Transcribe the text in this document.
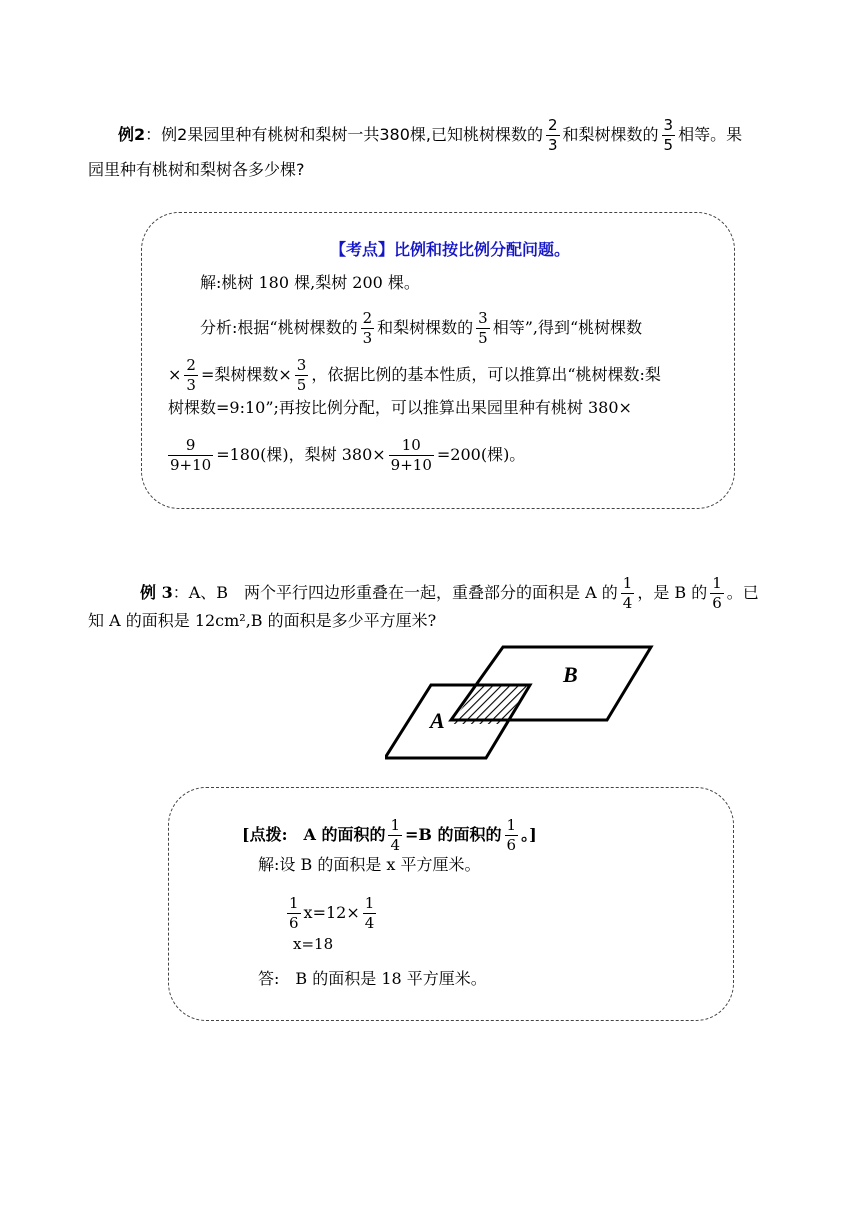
例2：例2果园里种有桃树和梨树一共380棵,已知桃树棵数的 $\frac{2}{3}$ 和梨树棵数的 $\frac{3}{5}$ 相等。果
园里种有桃树和梨树各多少棵?
【考点】比例和按比例分配问题。
解:桃树 180 棵,梨树 200 棵。
分析:根据“桃树棵数的 $\frac{2}{3}$ 和梨树棵数的 $\frac{3}{5}$ 相等”,得到“桃树棵数
× $\frac{2}{3}$ =梨树棵数× $\frac{3}{5}$ ，依据比例的基本性质，可以推算出“桃树棵数:梨
树棵数=9:10”;再按比例分配，可以推算出果园里种有桃树 380×
$\frac{9}{9+10} =180$(棵)，梨树 $380\times \frac{10}{9+10} =200$(棵)。
例 3：A、B　两个平行四边形重叠在一起，重叠部分的面积是 A 的 $\frac{1}{4}$ ，是 B 的 $\frac{1}{6}$ 。已
知 A 的面积是 12cm²,B 的面积是多少平方厘米?
A
B
[点拨:　A 的面积的 $\frac{1}{4} =B$ 的面积的 $\frac{1}{6}$ 。]
解:设 B 的面积是 x 平方厘米。
$\frac{1}{6} x=12\times \frac{1}{4}$
x=18
答:　B 的面积是 18 平方厘米。
